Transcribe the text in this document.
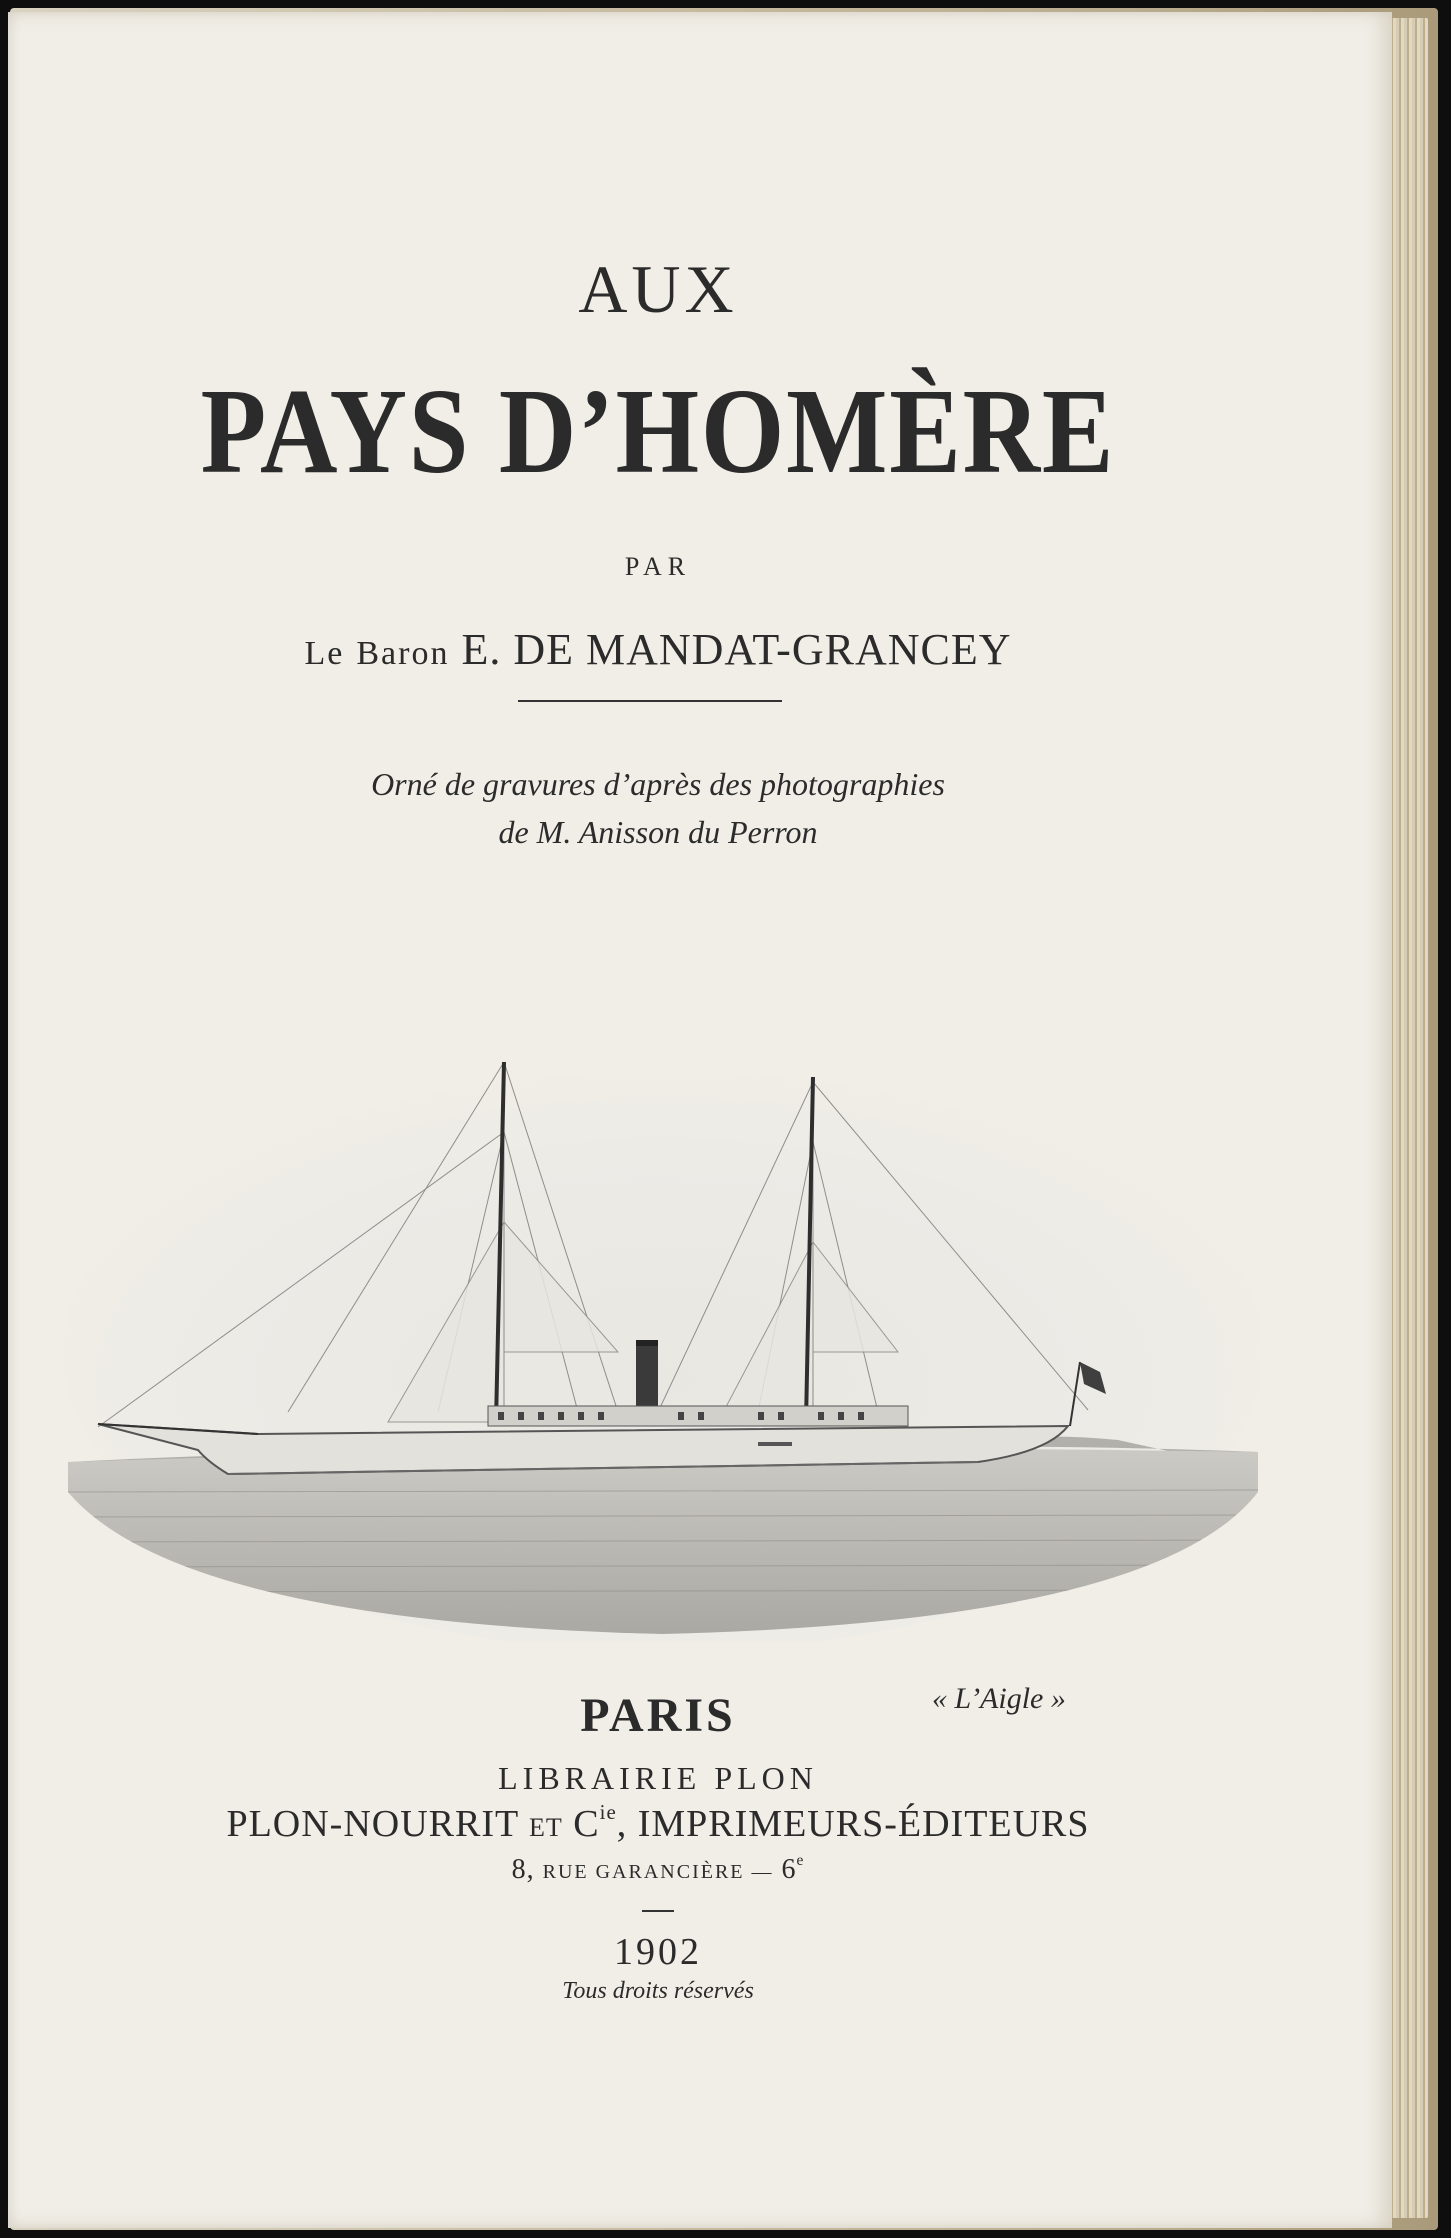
AUX
PAYS D’HOMÈRE
PAR
Le Baron E. DE MANDAT-GRANCEY
Orné de gravures d’après des photographies
de M. Anisson du Perron
PARIS	« L’Aigle »
LIBRAIRIE PLON
PLON-NOURRIT ET $C^{ie}$, IMPRIMEURS-ÉDITEURS
8, RUE GARANCIÈRE — 6e
1902
Tous droits réservés
